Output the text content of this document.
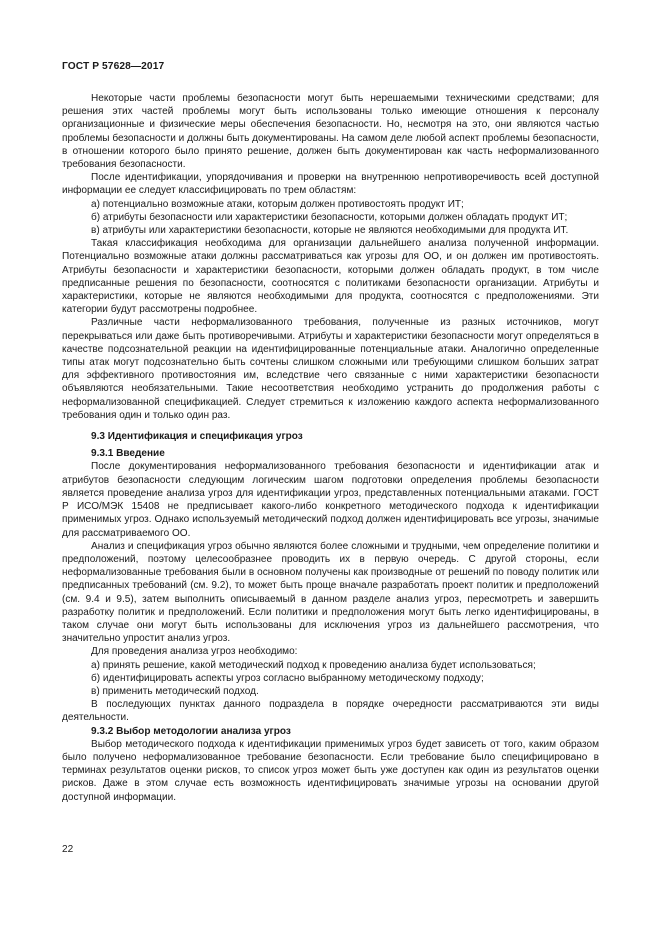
ГОСТ Р 57628—2017

Некоторые части проблемы безопасности могут быть нерешаемыми техническими средствами; для решения этих частей проблемы могут быть использованы только имеющие отношения к персоналу организационные и физические меры обеспечения безопасности. Но, несмотря на это, они являются частью проблемы безопасности и должны быть документированы. На самом деле любой аспект проблемы безопасности, в отношении которого было принято решение, должен быть документирован как часть неформализованного требования безопасности.

После идентификации, упорядочивания и проверки на внутреннюю непротиворечивость всей доступной информации ее следует классифицировать по трем областям:

а) потенциально возможные атаки, которым должен противостоять продукт ИТ;

б) атрибуты безопасности или характеристики безопасности, которыми должен обладать продукт ИТ;

в) атрибуты или характеристики безопасности, которые не являются необходимыми для продукта ИТ.

Такая классификация необходима для организации дальнейшего анализа полученной информации. Потенциально возможные атаки должны рассматриваться как угрозы для ОО, и он должен им противостоять. Атрибуты безопасности и характеристики безопасности, которыми должен обладать продукт, в том числе предписанные решения по безопасности, соотносятся с политиками безопасности организации. Атрибуты и характеристики, которые не являются необходимыми для продукта, соотносятся с предположениями. Эти категории будут рассмотрены подробнее.

Различные части неформализованного требования, полученные из разных источников, могут перекрываться или даже быть противоречивыми. Атрибуты и характеристики безопасности могут определяться в качестве подсознательной реакции на идентифицированные потенциальные атаки. Аналогично определенные типы атак могут подсознательно быть сочтены слишком сложными или требующими слишком больших затрат для эффективного противостояния им, вследствие чего связанные с ними характеристики безопасности объявляются необязательными. Такие несоответствия необходимо устранить до продолжения работы с неформализованной спецификацией. Следует стремиться к изложению каждого аспекта неформализованного требования один и только один раз.

9.3 Идентификация и спецификация угроз
9.3.1 Введение

После документирования неформализованного требования безопасности и идентификации атак и атрибутов безопасности следующим логическим шагом подготовки определения проблемы безопасности является проведение анализа угроз для идентификации угроз, представленных потенциальными атаками. ГОСТ Р ИСО/МЭК 15408 не предписывает какого-либо конкретного методического подхода к идентификации применимых угроз. Однако используемый методический подход должен идентифицировать все угрозы, значимые для рассматриваемого ОО.

Анализ и спецификация угроз обычно являются более сложными и трудными, чем определение политики и предположений, поэтому целесообразнее проводить их в первую очередь. С другой стороны, если неформализованные требования были в основном получены как производные от решений по поводу политик или предписанных требований (см. 9.2), то может быть проще вначале разработать проект политик и предположений (см. 9.4 и 9.5), затем выполнить описываемый в данном разделе анализ угроз, пересмотреть и завершить разработку политик и предположений. Если политики и предположения могут быть легко идентифицированы, в таком случае они могут быть использованы для исключения угроз из дальнейшего рассмотрения, что значительно упростит анализ угроз.

Для проведения анализа угроз необходимо:

а) принять решение, какой методический подход к проведению анализа будет использоваться;

б) идентифицировать аспекты угроз согласно выбранному методическому подходу;

в) применить методический подход.

В последующих пунктах данного подраздела в порядке очередности рассматриваются эти виды деятельности.

9.3.2 Выбор методологии анализа угроз

Выбор методического подхода к идентификации применимых угроз будет зависеть от того, каким образом было получено неформализованное требование безопасности. Если требование было специфицировано в терминах результатов оценки рисков, то список угроз может быть уже доступен как один из результатов оценки рисков. Даже в этом случае есть возможность идентифицировать значимые угрозы на основании другой доступной информации.

22
